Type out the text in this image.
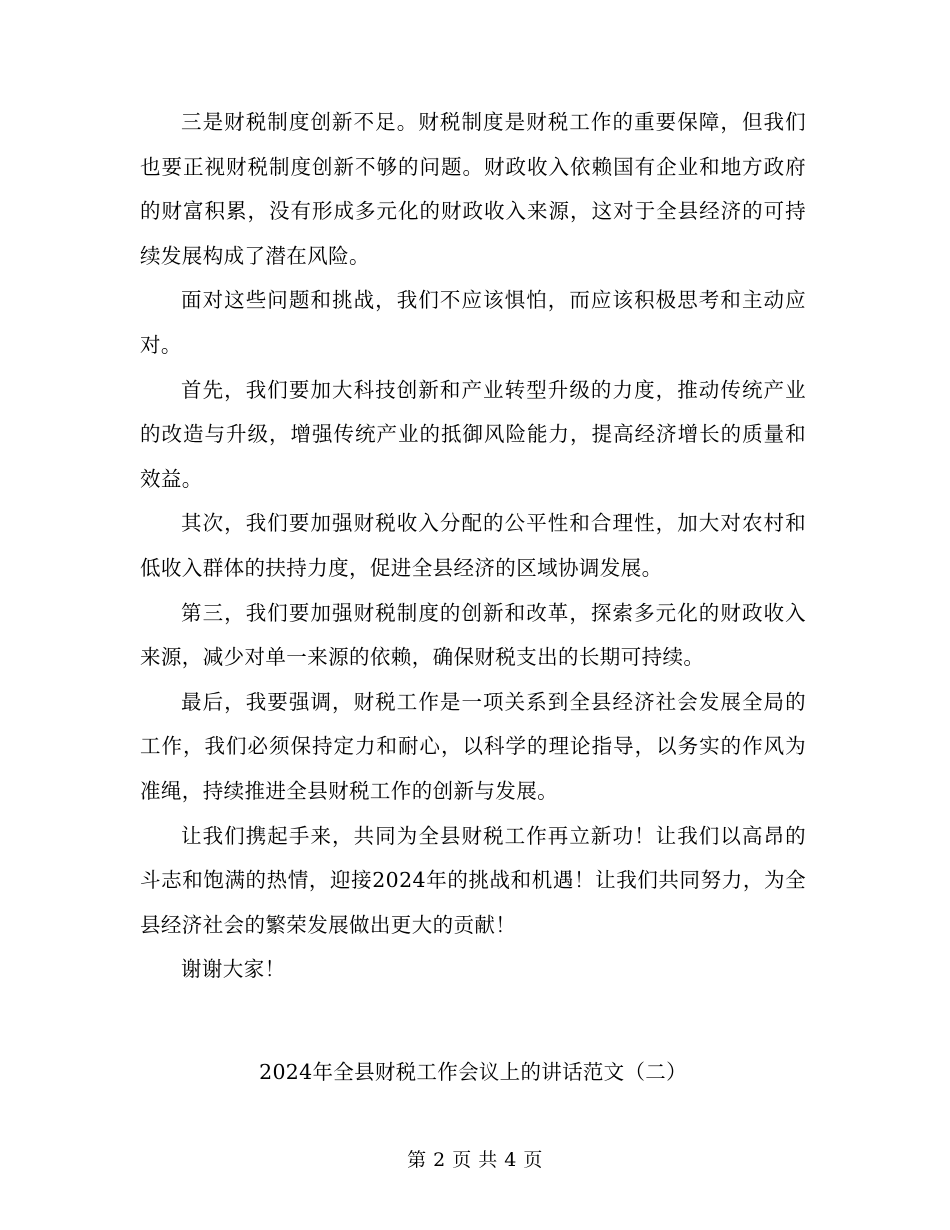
三是财税制度创新不足。财税制度是财税工作的重要保障，但我们也要正视财税制度创新不够的问题。财政收入依赖国有企业和地方政府的财富积累，没有形成多元化的财政收入来源，这对于全县经济的可持续发展构成了潜在风险。

面对这些问题和挑战，我们不应该惧怕，而应该积极思考和主动应对。

首先，我们要加大科技创新和产业转型升级的力度，推动传统产业的改造与升级，增强传统产业的抵御风险能力，提高经济增长的质量和效益。

其次，我们要加强财税收入分配的公平性和合理性，加大对农村和低收入群体的扶持力度，促进全县经济的区域协调发展。

第三，我们要加强财税制度的创新和改革，探索多元化的财政收入来源，减少对单一来源的依赖，确保财税支出的长期可持续。

最后，我要强调，财税工作是一项关系到全县经济社会发展全局的工作，我们必须保持定力和耐心，以科学的理论指导，以务实的作风为准绳，持续推进全县财税工作的创新与发展。

让我们携起手来，共同为全县财税工作再立新功！让我们以高昂的斗志和饱满的热情，迎接2024年的挑战和机遇！让我们共同努力，为全县经济社会的繁荣发展做出更大的贡献！

谢谢大家！

2024年全县财税工作会议上的讲话范文（二）

第 2 页 共 4 页
